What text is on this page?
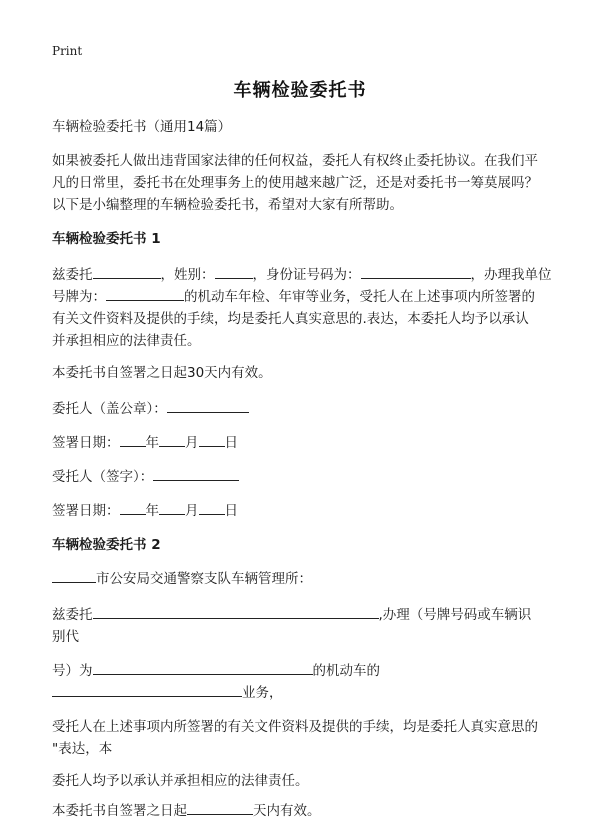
Print
车辆检验委托书

车辆检验委托书（通用14篇）

如果被委托人做出违背国家法律的任何权益，委托人有权终止委托协议。在我们平

凡的日常里，委托书在处理事务上的使用越来越广泛，还是对委托书一筹莫展吗？

以下是小编整理的车辆检验委托书，希望对大家有所帮助。

车辆检验委托书 1

兹委托	，姓别：	，身份证号码为：	，办理我单位

号牌为：	的机动车年检、年审等业务，受托人在上述事项内所签署的

有关文件资料及提供的手续，均是委托人真实意思的.表达，本委托人均予以承认

并承担相应的法律责任。

本委托书自签署之日起30天内有效。

委托人（盖公章）：

签署日期： 年 月 日

受托人（签字）：

签署日期： 年 月 日

车辆检验委托书 2

市公安局交通警察支队车辆管理所：

兹委托	,办理（号牌号码或车辆识

别代

号）为	的机动车的

业务，

受托人在上述事项内所签署的有关文件资料及提供的手续，均是委托人真实意思的

"表达，本

委托人均予以承认并承担相应的法律责任。

本委托书自签署之日起	天内有效。
